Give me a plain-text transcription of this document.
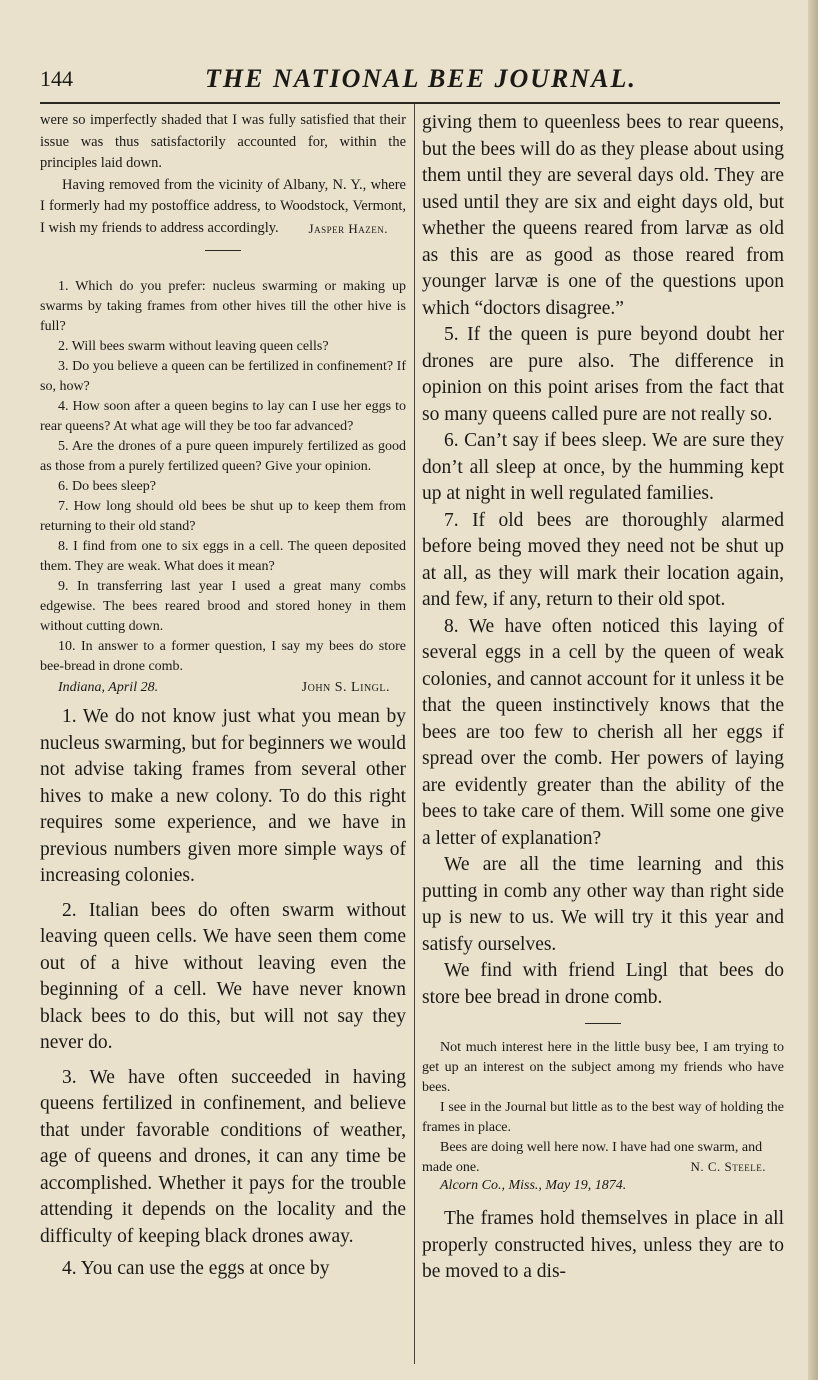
144	THE NATIONAL BEE JOURNAL.

were so imperfectly shaded that I was fully satisfied that their issue was thus satisfactorily accounted for, within the principles laid down.

Having removed from the vicinity of Albany, N. Y., where I formerly had my postoffice address, to Woodstock, Vermont, I wish my friends to address accordingly.	Jasper Hazen.

1. Which do you prefer: nucleus swarming or making up swarms by taking frames from other hives till the other hive is full?

2. Will bees swarm without leaving queen cells?

3. Do you believe a queen can be fertilized in confinement? If so, how?

4. How soon after a queen begins to lay can I use her eggs to rear queens? At what age will they be too far advanced?

5. Are the drones of a pure queen impurely fertilized as good as those from a purely fertilized queen? Give your opinion.

6. Do bees sleep?

7. How long should old bees be shut up to keep them from returning to their old stand?

8. I find from one to six eggs in a cell. The queen deposited them. They are weak. What does it mean?

9. In transferring last year I used a great many combs edgewise. The bees reared brood and stored honey in them without cutting down.

10. In answer to a former question, I say my bees do store bee-bread in drone comb.

Indiana, April 28.	John S. Lingl.

1. We do not know just what you mean by nucleus swarming, but for beginners we would not advise taking frames from several other hives to make a new colony. To do this right requires some experience, and we have in previous numbers given more simple ways of increasing colonies.

2. Italian bees do often swarm without leaving queen cells. We have seen them come out of a hive without leaving even the beginning of a cell. We have never known black bees to do this, but will not say they never do.

3. We have often succeeded in having queens fertilized in confinement, and believe that under favorable conditions of weather, age of queens and drones, it can any time be accomplished. Whether it pays for the trouble attending it depends on the locality and the difficulty of keeping black drones away.

4. You can use the eggs at once by

giving them to queenless bees to rear queens, but the bees will do as they please about using them until they are several days old. They are used until they are six and eight days old, but whether the queens reared from larvæ as old as this are as good as those reared from younger larvæ is one of the questions upon which “doctors disagree.”

5. If the queen is pure beyond doubt her drones are pure also. The difference in opinion on this point arises from the fact that so many queens called pure are not really so.

6. Can’t say if bees sleep. We are sure they don’t all sleep at once, by the humming kept up at night in well regulated families.

7. If old bees are thoroughly alarmed before being moved they need not be shut up at all, as they will mark their location again, and few, if any, return to their old spot.

8. We have often noticed this laying of several eggs in a cell by the queen of weak colonies, and cannot account for it unless it be that the queen instinctively knows that the bees are too few to cherish all her eggs if spread over the comb. Her powers of laying are evidently greater than the ability of the bees to take care of them. Will some one give a letter of explanation?

We are all the time learning and this putting in comb any other way than right side up is new to us. We will try it this year and satisfy ourselves.

We find with friend Lingl that bees do store bee bread in drone comb.

Not much interest here in the little busy bee, I am trying to get up an interest on the subject among my friends who have bees.

I see in the Journal but little as to the best way of holding the frames in place.

Bees are doing well here now. I have had one swarm, and made one.	N. C. Steele.

Alcorn Co., Miss., May 19, 1874.

The frames hold themselves in place in all properly constructed hives, unless they are to be moved to a dis-
